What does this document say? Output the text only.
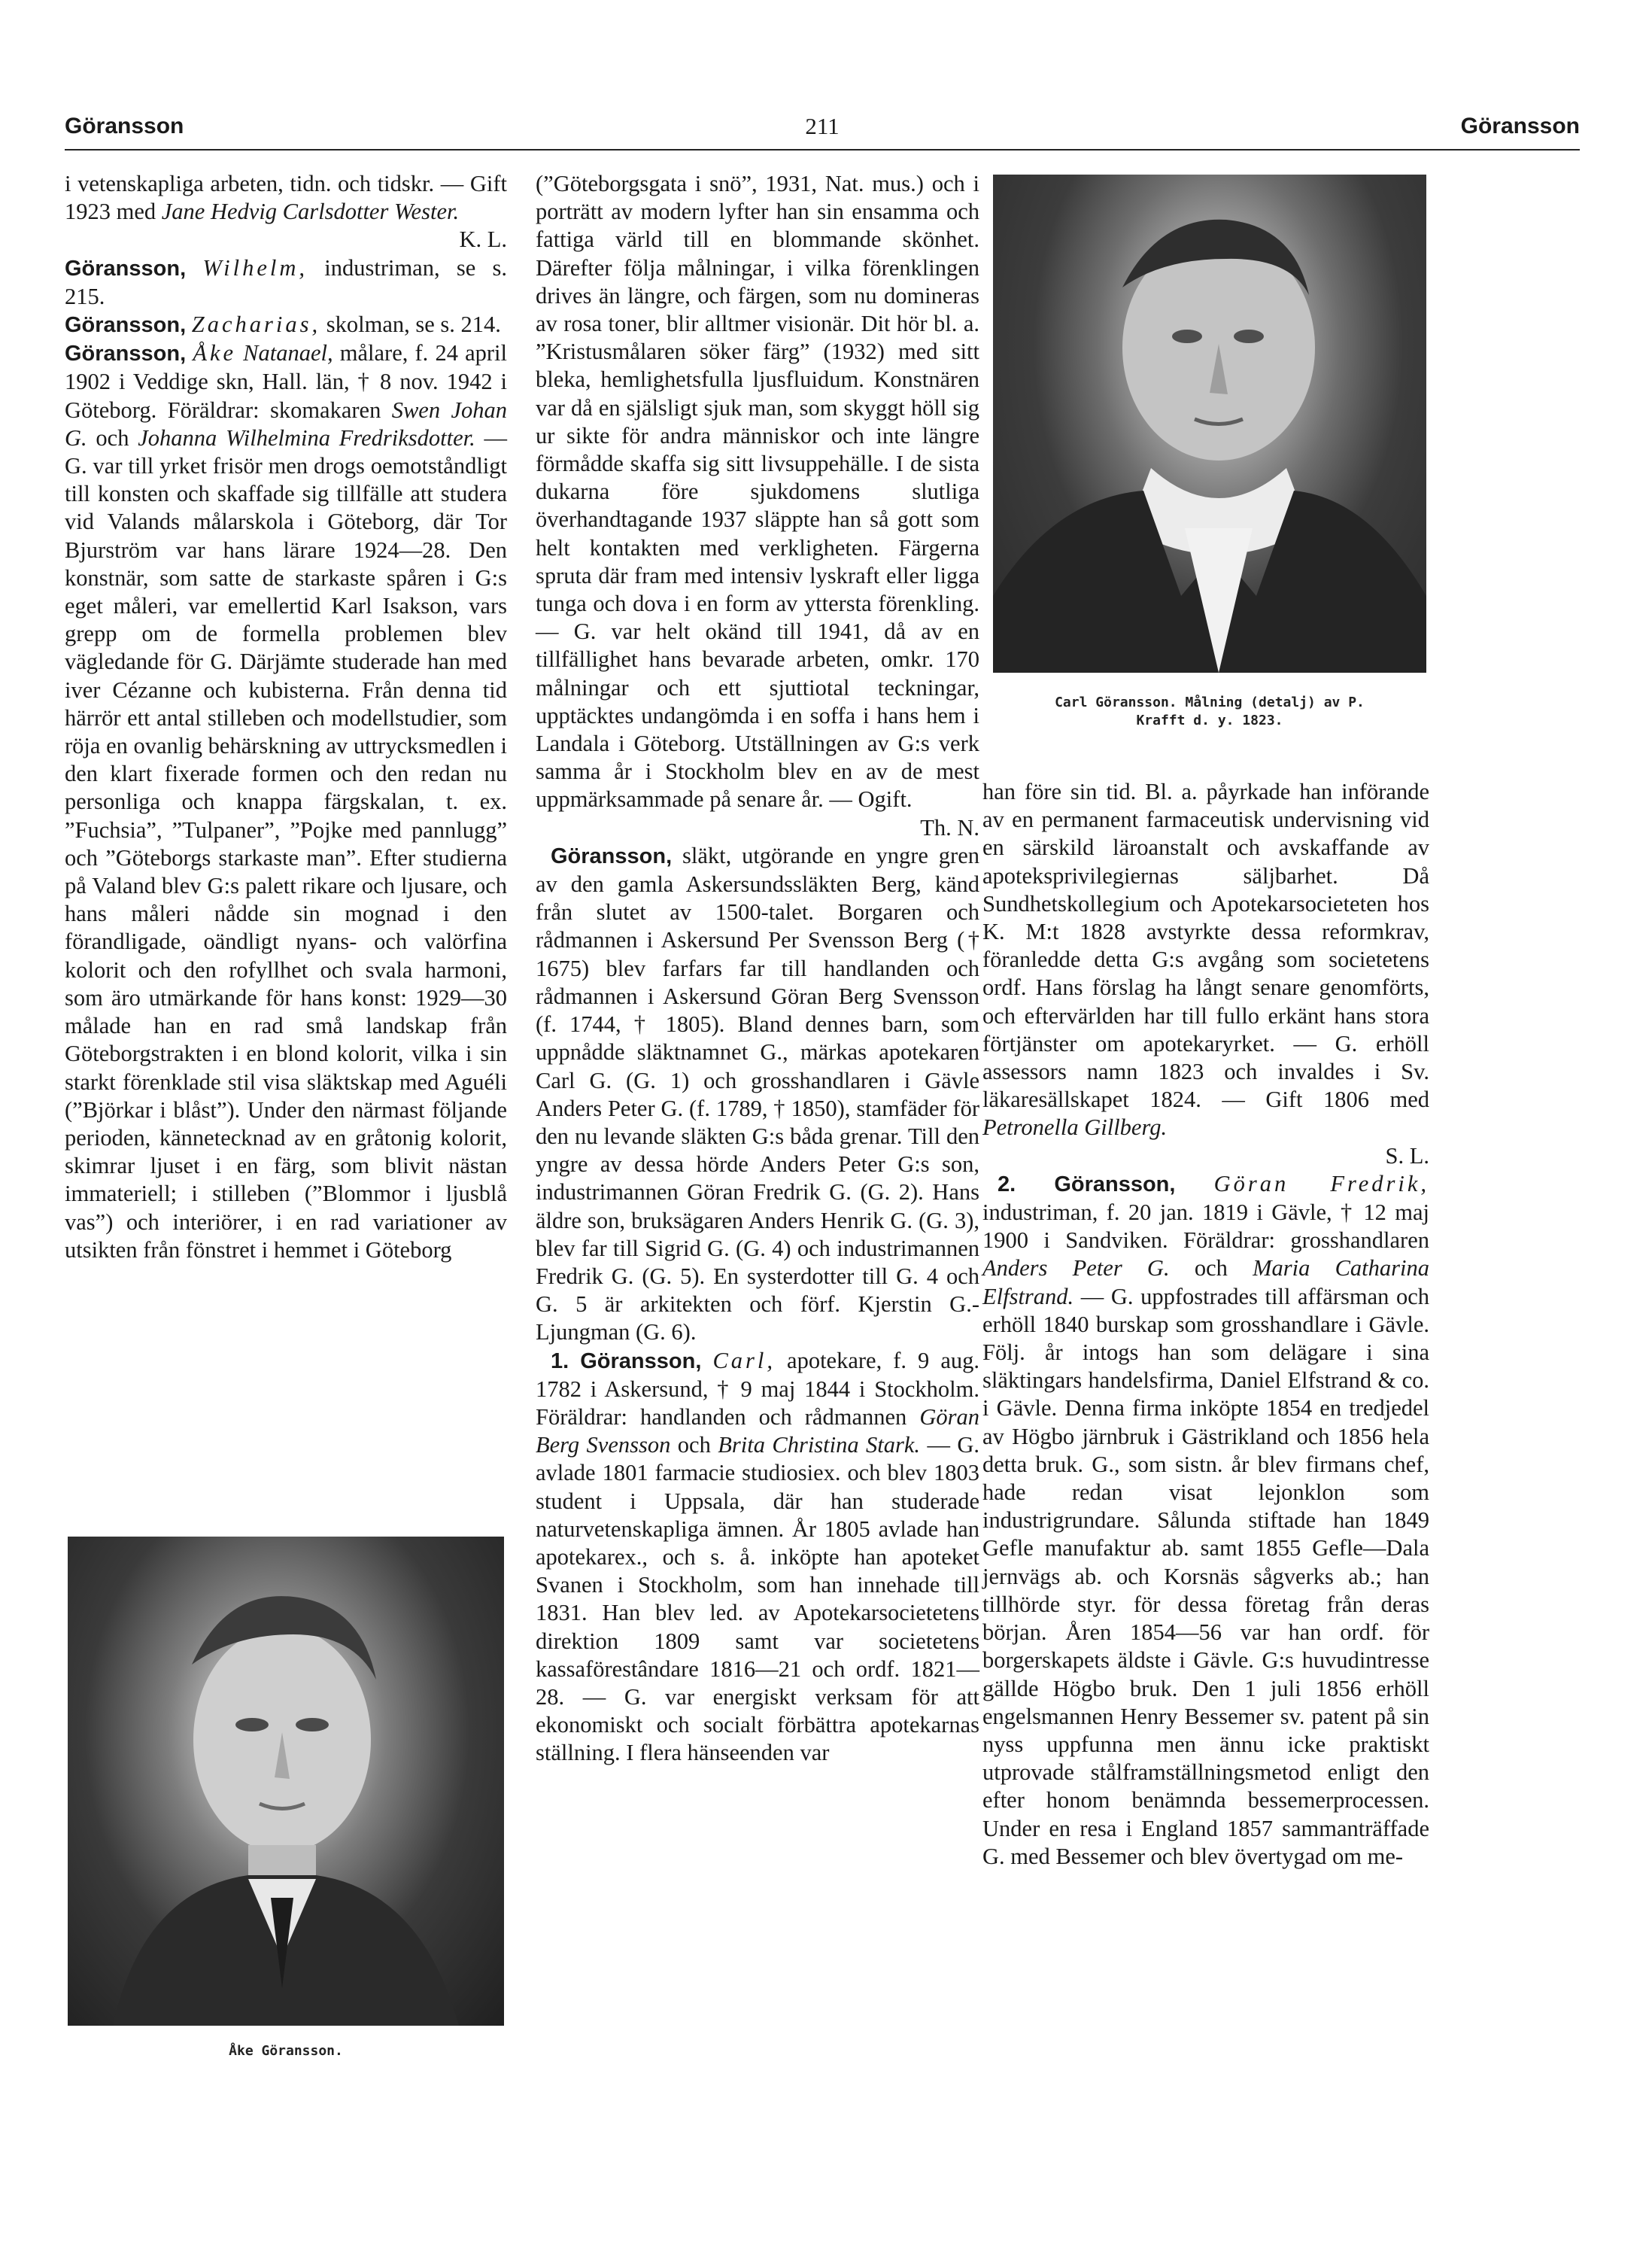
Göransson	211	Göransson

i vetenskapliga arbeten, tidn. och tidskr. — Gift 1923 med Jane Hedvig Carlsdotter Wester.
K. L.

Göransson, Wilhelm, industriman, se s. 215.

Göransson, Zacharias, skolman, se s. 214.

Göransson, Åke Natanael, målare, f. 24 april 1902 i Veddige skn, Hall. län, † 8 nov. 1942 i Göteborg. Föräldrar: skomakaren Swen Johan G. och Johanna Wilhelmina Fredriksdotter. — G. var till yrket frisör men drogs oemotståndligt till konsten och skaffade sig tillfälle att studera vid Valands målarskola i Göteborg, där Tor Bjurström var hans lärare 1924—28. Den konstnär, som satte de starkaste spåren i G:s eget måleri, var emellertid Karl Isakson, vars grepp om de formella problemen blev vägledande för G. Därjämte studerade han med iver Cézanne och kubisterna. Från denna tid härrör ett antal stilleben och modellstudier, som röja en ovanlig behärskning av uttrycksmedlen i den klart fixerade formen och den redan nu personliga och knappa färgskalan, t. ex. ”Fuchsia”, ”Tulpaner”, ”Pojke med pannlugg” och ”Göteborgs starkaste man”. Efter studierna på Valand blev G:s palett rikare och ljusare, och hans måleri nådde sin mognad i den förandligade, oändligt nyans- och valörfina kolorit och den rofyllhet och svala harmoni, som äro utmärkande för hans konst: 1929—30 målade han en rad små landskap från Göteborgstrakten i en blond kolorit, vilka i sin starkt förenklade stil visa släktskap med Aguéli (”Björkar i blåst”). Under den närmast följande perioden, kännetecknad av en gråtonig kolorit, skimrar ljuset i en färg, som blivit nästan immateriell; i stilleben (”Blommor i ljusblå vas”) och interiörer, i en rad variationer av utsikten från fönstret i hemmet i Göteborg

Åke Göransson.

(”Göteborgsgata i snö”, 1931, Nat. mus.) och i porträtt av modern lyfter han sin ensamma och fattiga värld till en blommande skönhet. Därefter följa målningar, i vilka förenklingen drives än längre, och färgen, som nu domineras av rosa toner, blir alltmer visionär. Dit hör bl. a. ”Kristusmålaren söker färg” (1932) med sitt bleka, hemlighetsfulla ljusfluidum. Konstnären var då en själsligt sjuk man, som skyggt höll sig ur sikte för andra människor och inte längre förmådde skaffa sig sitt livsuppehälle. I de sista dukarna före sjukdomens slutliga överhandtagande 1937 släppte han så gott som helt kontakten med verkligheten. Färgerna spruta där fram med intensiv lyskraft eller ligga tunga och dova i en form av yttersta förenkling. — G. var helt okänd till 1941, då av en tillfällighet hans bevarade arbeten, omkr. 170 målningar och ett sjuttiotal teckningar, upptäcktes undangömda i en soffa i hans hem i Landala i Göteborg. Utställningen av G:s verk samma år i Stockholm blev en av de mest uppmärksammade på senare år. — Ogift.
Th. N.

Göransson, släkt, utgörande en yngre gren av den gamla Askersundssläkten Berg, känd från slutet av 1500-talet. Borgaren och rådmannen i Askersund Per Svensson Berg († 1675) blev farfars far till handlanden och rådmannen i Askersund Göran Berg Svensson (f. 1744, † 1805). Bland dennes barn, som uppnådde släktnamnet G., märkas apotekaren Carl G. (G. 1) och grosshandlaren i Gävle Anders Peter G. (f. 1789, † 1850), stamfäder för den nu levande släkten G:s båda grenar. Till den yngre av dessa hörde Anders Peter G:s son, industrimannen Göran Fredrik G. (G. 2). Hans äldre son, bruksägaren Anders Henrik G. (G. 3), blev far till Sigrid G. (G. 4) och industrimannen Fredrik G. (G. 5). En systerdotter till G. 4 och G. 5 är arkitekten och förf. Kjerstin G.-Ljungman (G. 6).

1. Göransson, Carl, apotekare, f. 9 aug. 1782 i Askersund, † 9 maj 1844 i Stockholm. Föräldrar: handlanden och rådmannen Göran Berg Svensson och Brita Christina Stark. — G. avlade 1801 farmacie studiosiex. och blev 1803 student i Uppsala, där han studerade naturvetenskapliga ämnen. År 1805 avlade han apotekarex., och s. å. inköpte han apoteket Svanen i Stockholm, som han innehade till 1831. Han blev led. av Apotekarsocietetens direktion 1809 samt var societetens kassaförestândare 1816—21 och ordf. 1821—28. — G. var energiskt verksam för att ekonomiskt och socialt förbättra apotekarnas ställning. I flera hänseenden var

Carl Göransson. Målning (detalj) av P.
Krafft d. y. 1823.

han före sin tid. Bl. a. påyrkade han införande av en permanent farmaceutisk undervisning vid en särskild läroanstalt och avskaffande av apoteksprivilegiernas säljbarhet. Då Sundhetskollegium och Apotekarsocieteten hos K. M:t 1828 avstyrkte dessa reformkrav, föranledde detta G:s avgång som societetens ordf. Hans förslag ha långt senare genomförts, och eftervärlden har till fullo erkänt hans stora förtjänster om apotekaryrket. — G. erhöll assessors namn 1823 och invaldes i Sv. läkaresällskapet 1824. — Gift 1806 med Petronella Gillberg.
S. L.

2. Göransson, Göran Fredrik, industriman, f. 20 jan. 1819 i Gävle, † 12 maj 1900 i Sandviken. Föräldrar: grosshandlaren Anders Peter G. och Maria Catharina Elfstrand. — G. uppfostrades till affärsman och erhöll 1840 burskap som grosshandlare i Gävle. Följ. år intogs han som delägare i sina släktingars handelsfirma, Daniel Elfstrand & co. i Gävle. Denna firma inköpte 1854 en tredjedel av Högbo järnbruk i Gästrikland och 1856 hela detta bruk. G., som sistn. år blev firmans chef, hade redan visat lejonklon som industrigrundare. Sålunda stiftade han 1849 Gefle manufaktur ab. samt 1855 Gefle—Dala jernvägs ab. och Korsnäs sågverks ab.; han tillhörde styr. för dessa företag från deras början. Åren 1854—56 var han ordf. för borgerskapets äldste i Gävle. G:s huvudintresse gällde Högbo bruk. Den 1 juli 1856 erhöll engelsmannen Henry Bessemer sv. patent på sin nyss uppfunna men ännu icke praktiskt utprovade stålframställningsmetod enligt den efter honom benämnda bessemerprocessen. Under en resa i England 1857 sammanträffade G. med Bessemer och blev övertygad om me-
